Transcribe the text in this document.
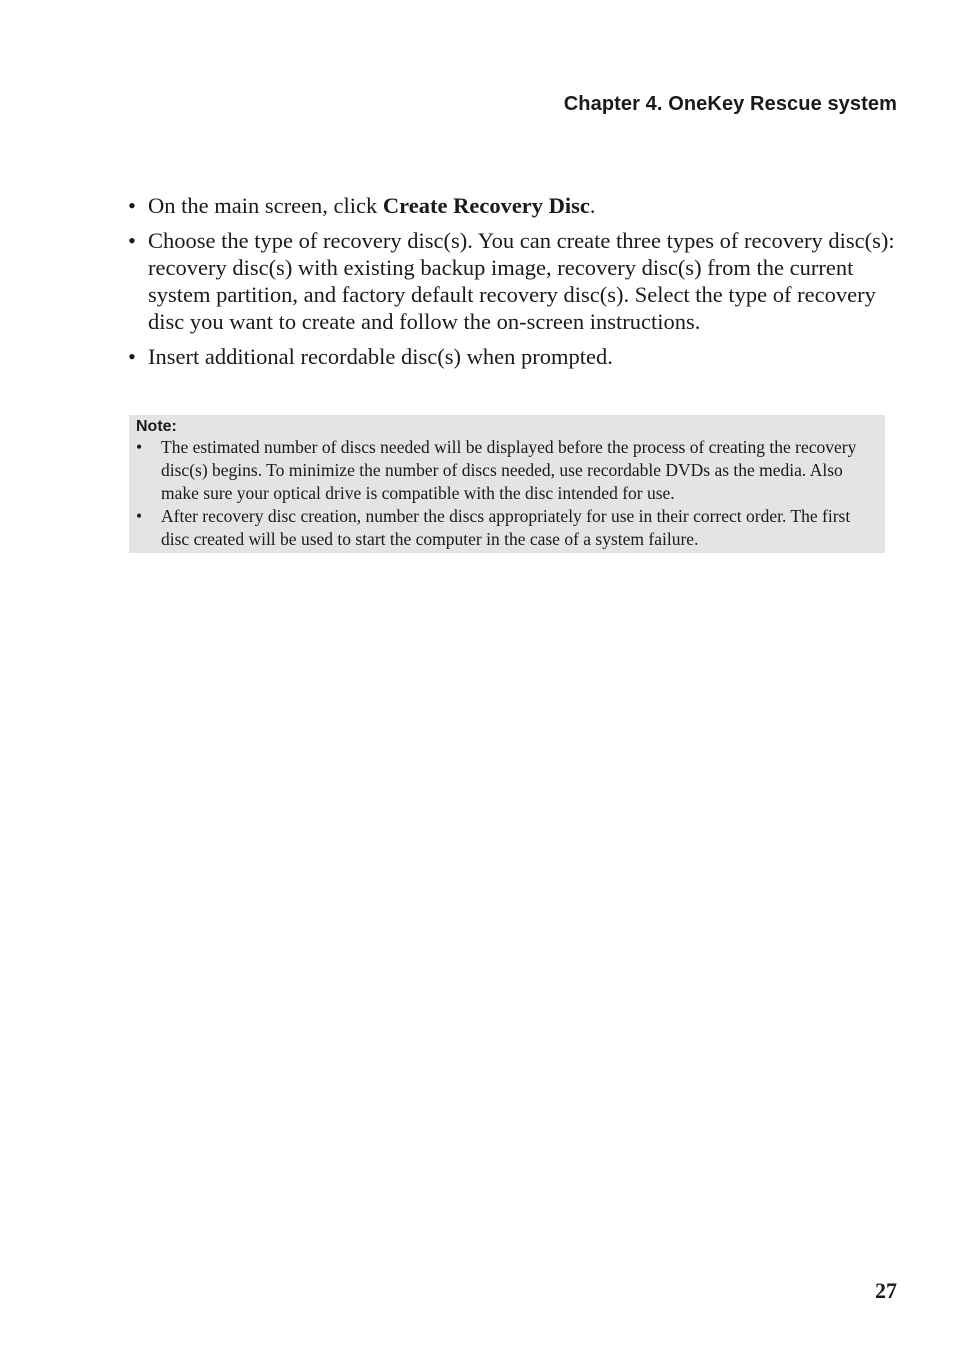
Chapter 4. OneKey Rescue system
• On the main screen, click Create Recovery Disc.
• Choose the type of recovery disc(s). You can create three types of recovery disc(s): recovery disc(s) with existing backup image, recovery disc(s) from the current system partition, and factory default recovery disc(s). Select the type of recovery disc you want to create and follow the on-screen instructions.
• Insert additional recordable disc(s) when prompted.
Note:
• The estimated number of discs needed will be displayed before the process of creating the recovery disc(s) begins. To minimize the number of discs needed, use recordable DVDs as the media. Also make sure your optical drive is compatible with the disc intended for use.
• After recovery disc creation, number the discs appropriately for use in their correct order. The first disc created will be used to start the computer in the case of a system failure.
27
